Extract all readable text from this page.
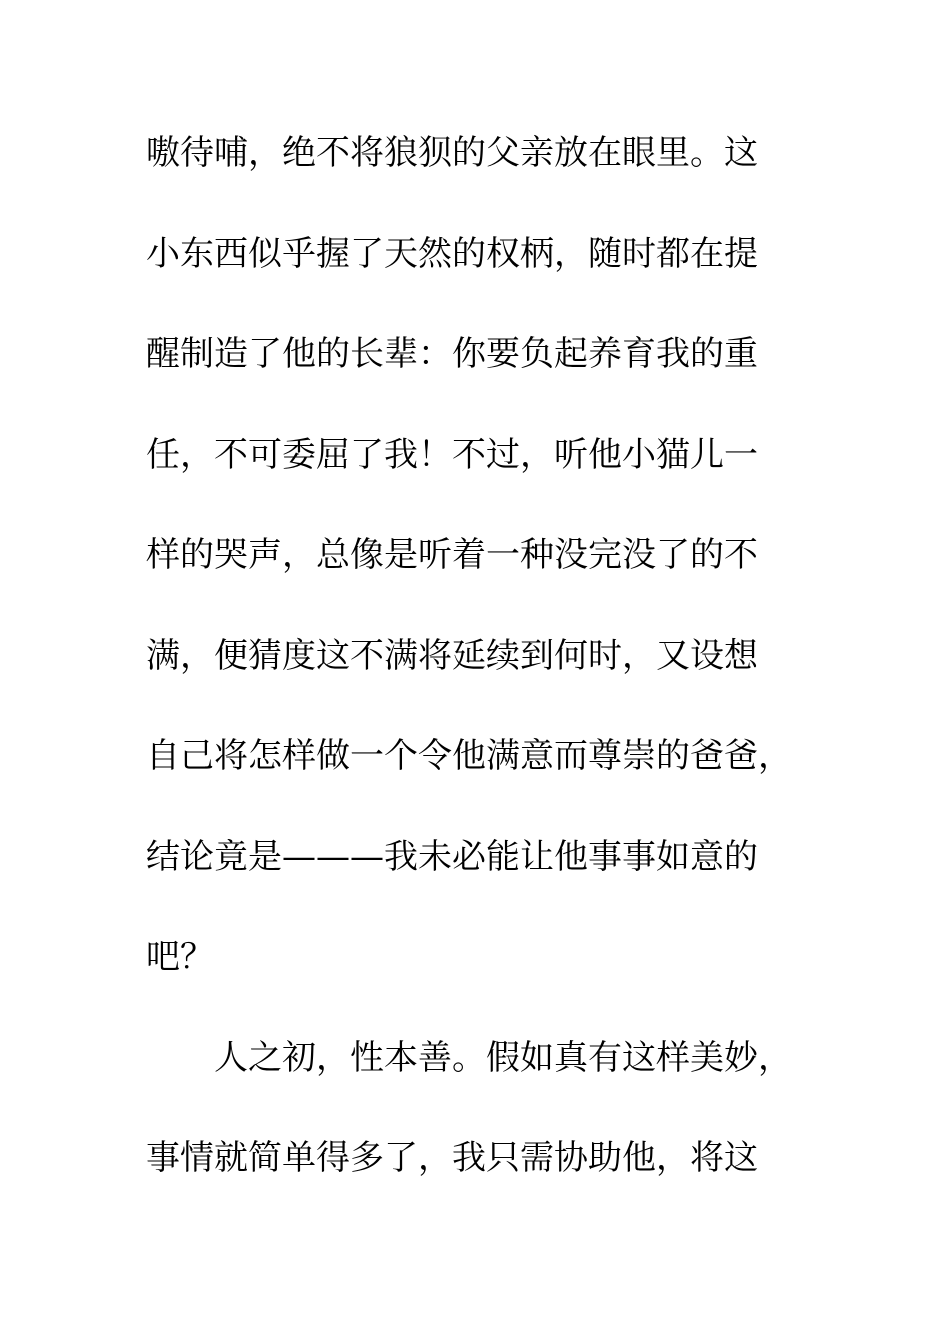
嗷待哺，绝不将狼狈的父亲放在眼里。这
小东西似乎握了天然的权柄，随时都在提
醒制造了他的长辈：你要负起养育我的重
任，不可委屈了我！不过，听他小猫儿一
样的哭声，总像是听着一种没完没了的不
满，便猜度这不满将延续到何时，又设想
自己将怎样做一个令他满意而尊崇的爸爸，
结论竟是———我未必能让他事事如意的
吧？
人之初，性本善。假如真有这样美妙，
事情就简单得多了，我只需协助他，将这
